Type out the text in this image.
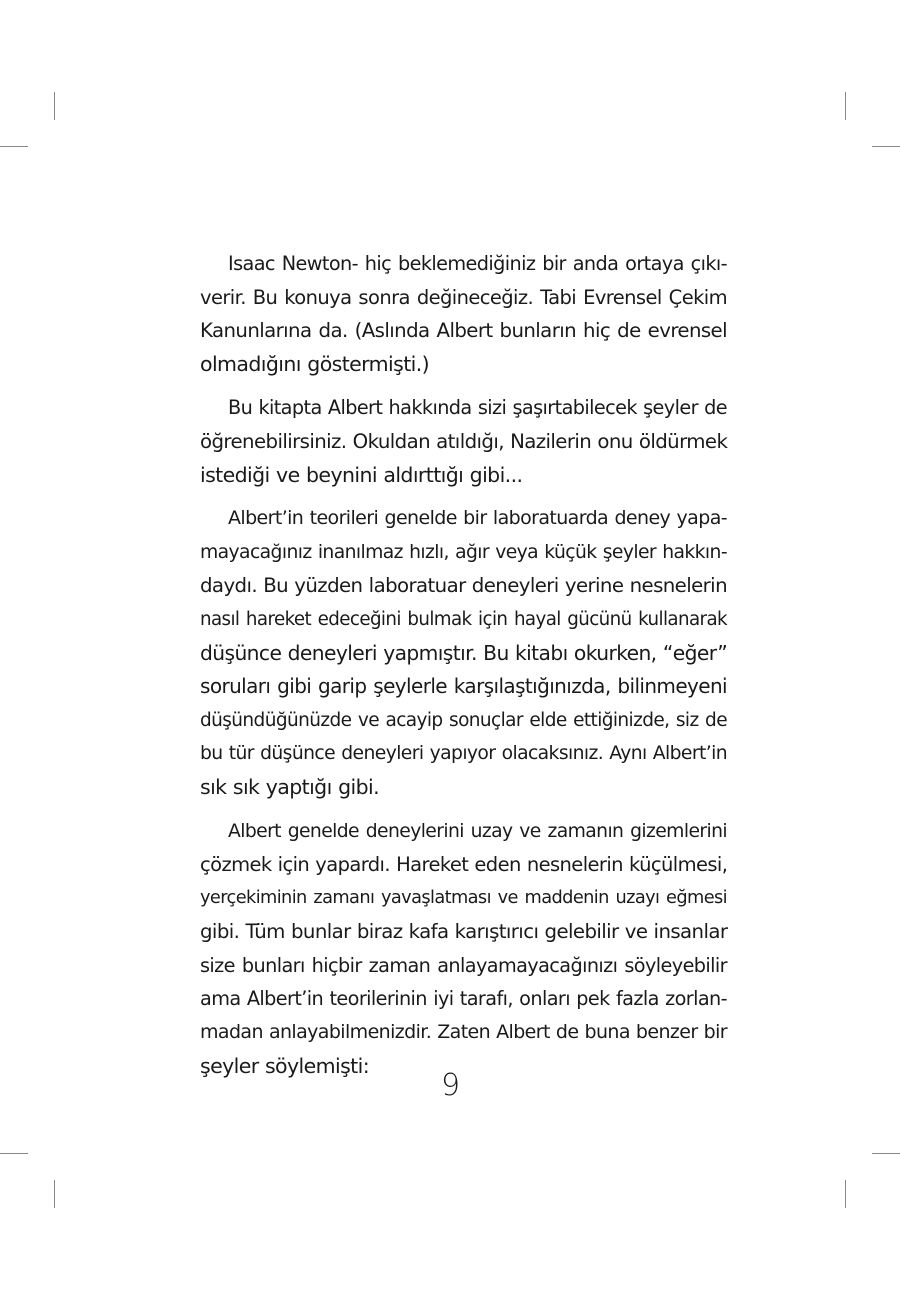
Isaac Newton- hiç beklemediğiniz bir anda ortaya çıkı-
verir. Bu konuya sonra değineceğiz. Tabi Evrensel Çekim
Kanunlarına da. (Aslında Albert bunların hiç de evrensel
olmadığını göstermişti.)

Bu kitapta Albert hakkında sizi şaşırtabilecek şeyler de
öğrenebilirsiniz. Okuldan atıldığı, Nazilerin onu öldürmek
istediği ve beynini aldırttığı gibi...

Albert’in teorileri genelde bir laboratuarda deney yapa-
mayacağınız inanılmaz hızlı, ağır veya küçük şeyler hakkın-
daydı. Bu yüzden laboratuar deneyleri yerine nesnelerin
nasıl hareket edeceğini bulmak için hayal gücünü kullanarak
düşünce deneyleri yapmıştır. Bu kitabı okurken, “eğer”
soruları gibi garip şeylerle karşılaştığınızda, bilinmeyeni
düşündüğünüzde ve acayip sonuçlar elde ettiğinizde, siz de
bu tür düşünce deneyleri yapıyor olacaksınız. Aynı Albert’in
sık sık yaptığı gibi.

Albert genelde deneylerini uzay ve zamanın gizemlerini
çözmek için yapardı. Hareket eden nesnelerin küçülmesi,
yerçekiminin zamanı yavaşlatması ve maddenin uzayı eğmesi
gibi. Tüm bunlar biraz kafa karıştırıcı gelebilir ve insanlar
size bunları hiçbir zaman anlayamayacağınızı söyleyebilir
ama Albert’in teorilerinin iyi tarafı, onları pek fazla zorlan-
madan anlayabilmenizdir. Zaten Albert de buna benzer bir
şeyler söylemişti:

9
